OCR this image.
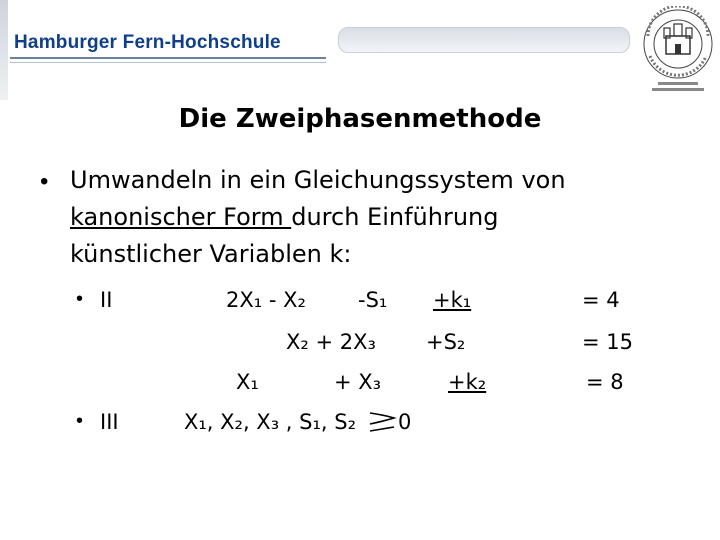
Hamburger Fern-Hochschule
Die Zweiphasenmethode
• Umwandeln in ein Gleichungssystem von
kanonischer Form durch Einführung
künstlicher Variablen k:
• II	2X₁ - X₂ -S₁ +k₁	= 4
X₂ + 2X₃ +S₂	= 15
X₁	+ X₃	+k₂	= 8
• III	X₁, X₂, X₃ , S₁, S₂ 0
